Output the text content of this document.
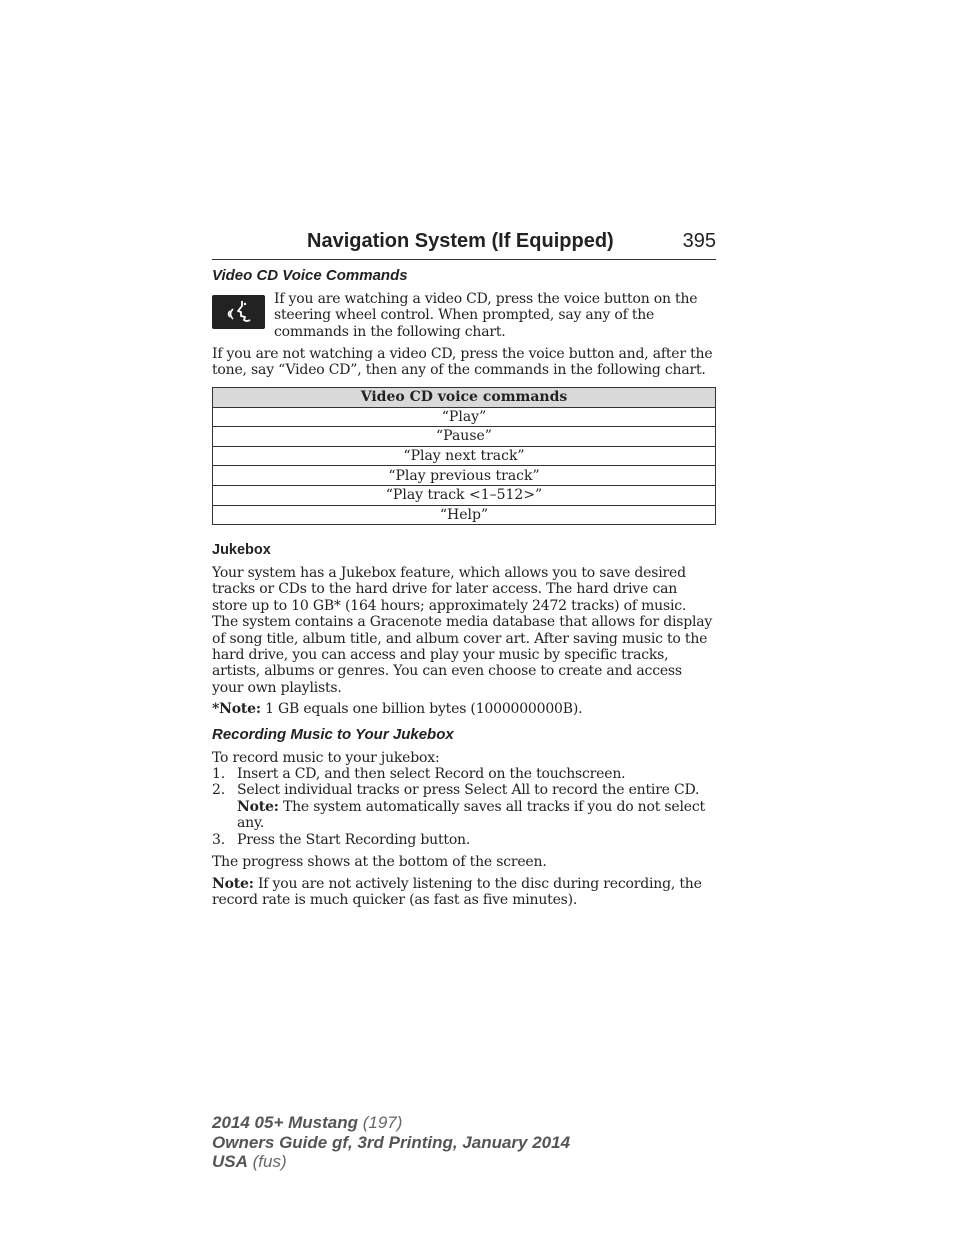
Navigation System (If Equipped)	395
Video CD Voice Commands
If you are watching a video CD, press the voice button on the steering wheel control. When prompted, say any of the commands in the following chart.
If you are not watching a video CD, press the voice button and, after the tone, say “Video CD”, then any of the commands in the following chart.
Video CD voice commands
“Play”
“Pause”
“Play next track”
“Play previous track”
“Play track <1–512>”
“Help”
Jukebox
Your system has a Jukebox feature, which allows you to save desired tracks or CDs to the hard drive for later access. The hard drive can store up to 10 GB* (164 hours; approximately 2472 tracks) of music. The system contains a Gracenote media database that allows for display of song title, album title, and album cover art. After saving music to the hard drive, you can access and play your music by specific tracks, artists, albums or genres. You can even choose to create and access your own playlists.
*Note: 1 GB equals one billion bytes (1000000000B).
Recording Music to Your Jukebox
To record music to your jukebox:
1. Insert a CD, and then select Record on the touchscreen.
2. Select individual tracks or press Select All to record the entire CD.
Note: The system automatically saves all tracks if you do not select any.
3. Press the Start Recording button.
The progress shows at the bottom of the screen.
Note: If you are not actively listening to the disc during recording, the record rate is much quicker (as fast as five minutes).
2014 05+ Mustang (197)
Owners Guide gf, 3rd Printing, January 2014
USA (fus)
